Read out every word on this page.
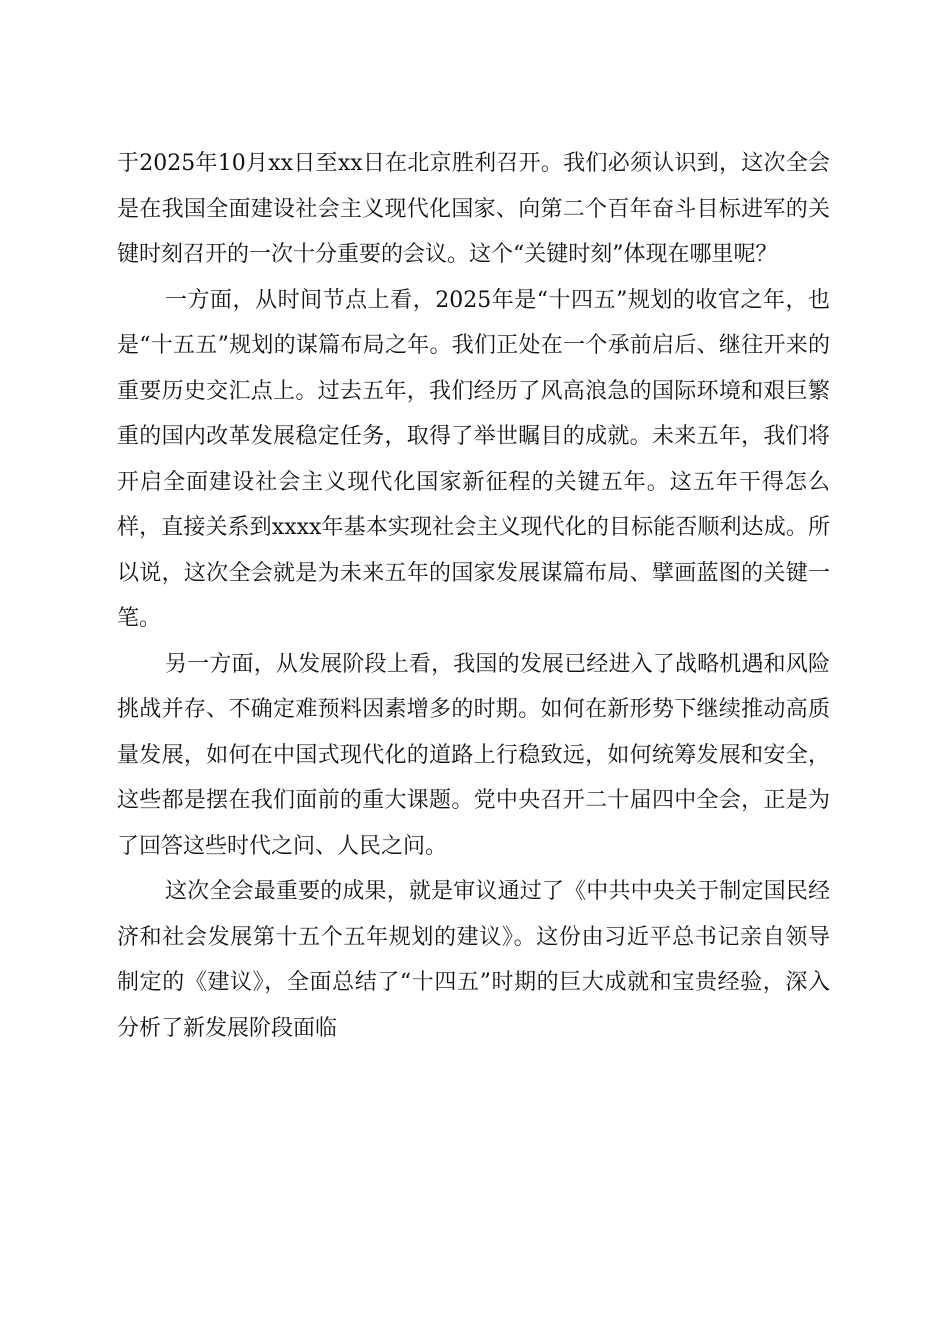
于2025年10月xx日至xx日在北京胜利召开。我们必须认识到，这次全会是在我国全面建设社会主义现代化国家、向第二个百年奋斗目标进军的关键时刻召开的一次十分重要的会议。这个“关键时刻”体现在哪里呢？

一方面，从时间节点上看，2025年是“十四五”规划的收官之年，也是“十五五”规划的谋篇布局之年。我们正处在一个承前启后、继往开来的重要历史交汇点上。过去五年，我们经历了风高浪急的国际环境和艰巨繁重的国内改革发展稳定任务，取得了举世瞩目的成就。未来五年，我们将开启全面建设社会主义现代化国家新征程的关键五年。这五年干得怎么样，直接关系到xxxx年基本实现社会主义现代化的目标能否顺利达成。所以说，这次全会就是为未来五年的国家发展谋篇布局、擘画蓝图的关键一笔。

另一方面，从发展阶段上看，我国的发展已经进入了战略机遇和风险挑战并存、不确定难预料因素增多的时期。如何在新形势下继续推动高质量发展，如何在中国式现代化的道路上行稳致远，如何统筹发展和安全，这些都是摆在我们面前的重大课题。党中央召开二十届四中全会，正是为了回答这些时代之问、人民之问。

这次全会最重要的成果，就是审议通过了《中共中央关于制定国民经济和社会发展第十五个五年规划的建议》。这份由习近平总书记亲自领导制定的《建议》，全面总结了“十四五”时期的巨大成就和宝贵经验，深入分析了新发展阶段面临
